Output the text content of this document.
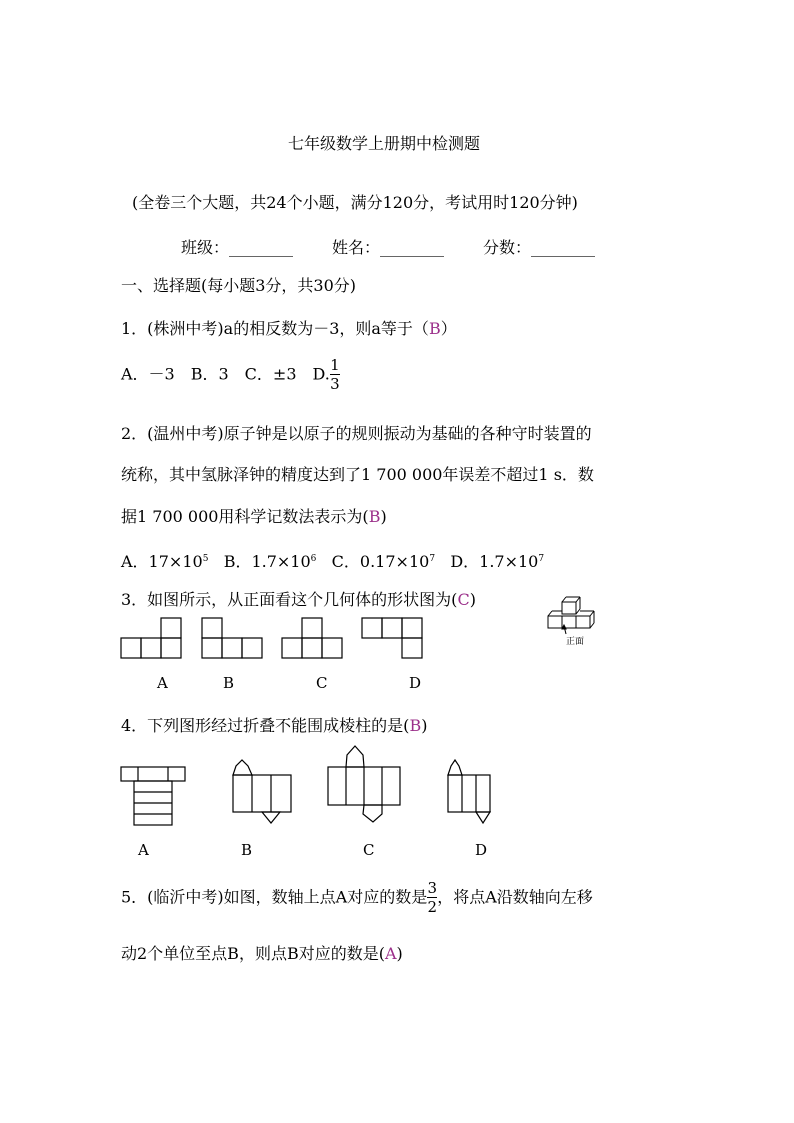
七年级数学上册期中检测题
(全卷三个大题，共24个小题，满分120分，考试用时120分钟)
班级：________ 姓名：________ 分数：________
一、选择题(每小题3分，共30分)
1．(株洲中考)a的相反数为－3，则a等于（B）
A．－3　B．3　C．±3　D. $\frac{1}{3}$
2．(温州中考)原子钟是以原子的规则振动为基础的各种守时装置的
统称，其中氢脉泽钟的精度达到了1 700 000年误差不超过1 s．数
据1 700 000用科学记数法表示为(B)
A．$17\times 10^5$ B．$1.7\times 10^6$ C．$0.17\times 10^7$ D．$1.7\times 10^7$
3．如图所示，从正面看这个几何体的形状图为(C)
正面
A	B	C	D
4．下列图形经过折叠不能围成棱柱的是(B)
A	B	C	D
5．(临沂中考)如图，数轴上点A对应的数是 $\frac{3}{2}$ ，将点A沿数轴向左移
动2个单位至点B，则点B对应的数是(A)
